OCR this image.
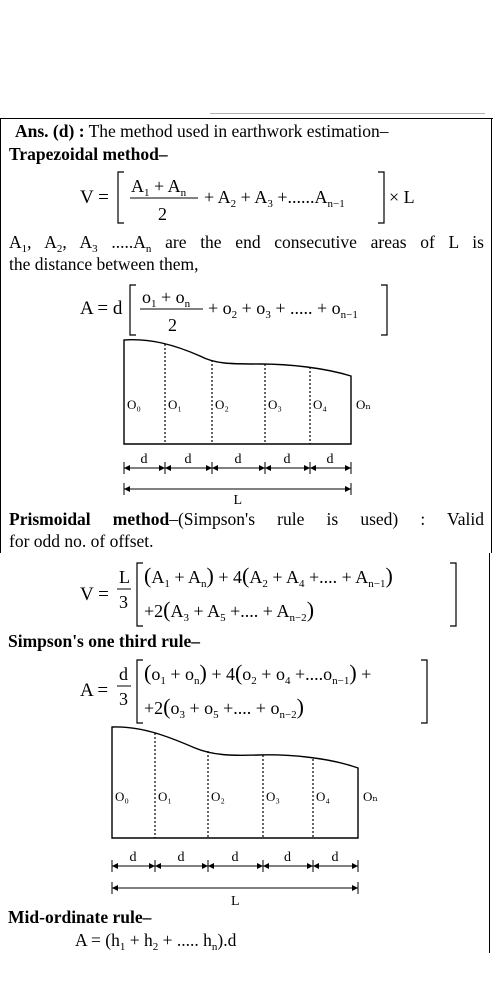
Ans. (d) : The method used in earthwork estimation–
Trapezoidal method–
V =
$A_1 + A_n$
2
+ $A_2 + A_3 +......A_{n-1} \times L$
$A_1$, $A_2$, $A_3$ $.....A_n$ are the end consecutive areas of L is
the distance between them,
A = d
$o_1 + o_n$
2
+ $o_2 + o_3$ + ..... + $o_{n-1}$
O₀ O₁	O₂	O₃ O₄ Oₙ
d	d	d	d	d
L
Prismoidal method–(Simpson's rule is used) : Valid
for odd no. of offset.
V =
L
3
$(A_1 + A_n) + 4(A_2 + A_4$ +.... + $A_{n-1}$)
$+2(A_3 + A_5$ +.... + $A_{n-2}$)
Simpson's one third rule–
A =
d
3
$(o_1 + o_n) + 4(o_2 + o_4 +....o_{n-1})$ +
$+2(o_3 + o_5$ +.... + $o_{n-2}$)
O₀ O₁	O₂	O₃	O₄	Oₙ
d	d	d	d	d
L
Mid-ordinate rule–
$A = (h_1 + h_2$ + ..... $h_n).d$
